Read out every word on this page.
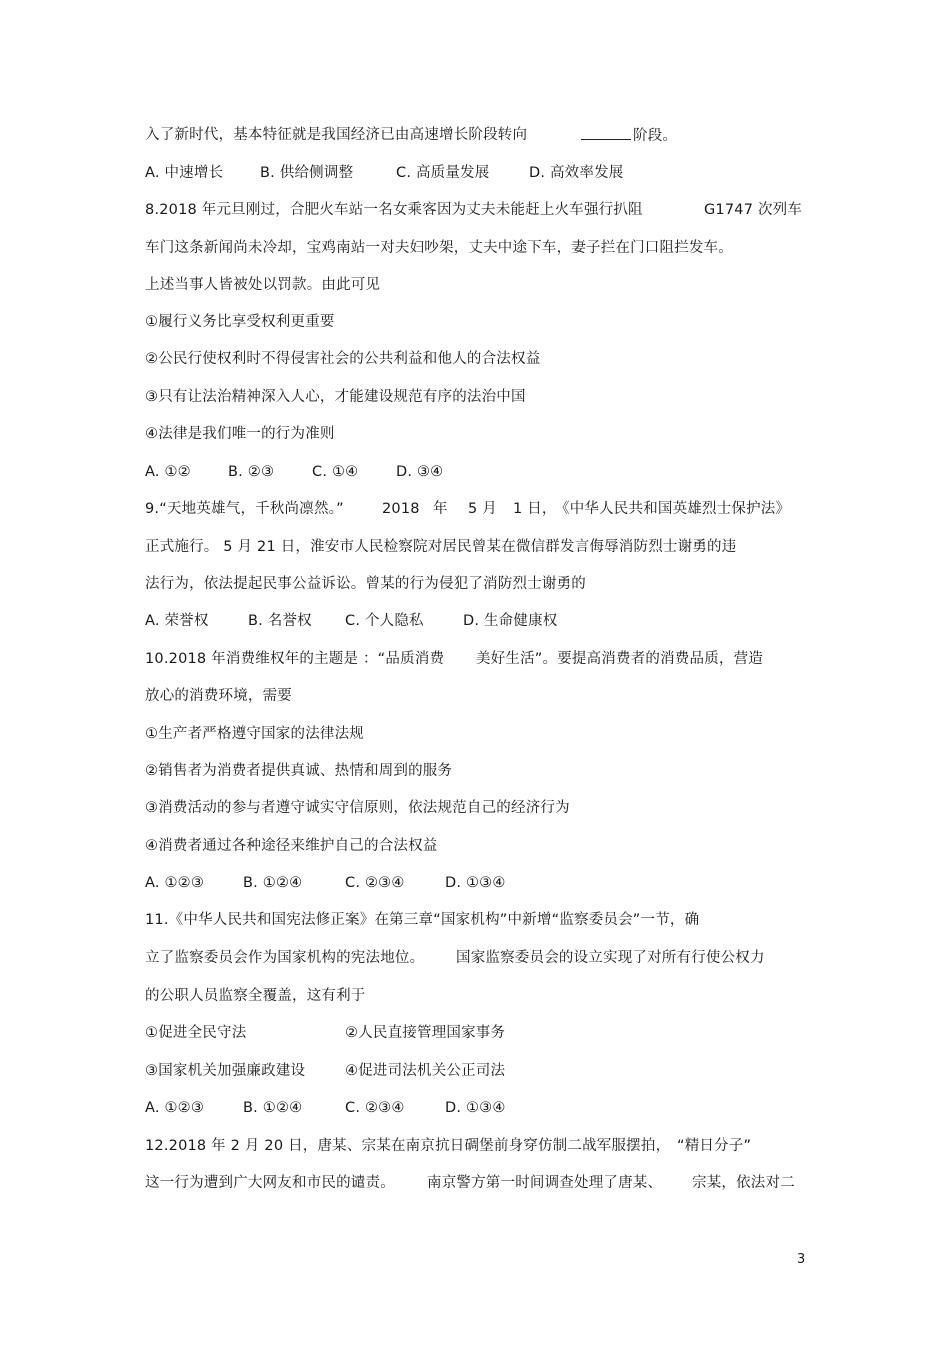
入了新时代，基本特征就是我国经济已由高速增长阶段转向	阶段。
A. 中速增长	B. 供给侧调整	C. 高质量发展	D. 高效率发展
8.2018 年元旦刚过，合肥火车站一名女乘客因为丈夫未能赶上火车强行扒阻	G1747 次列车
车门这条新闻尚未冷却，宝鸡南站一对夫妇吵架，丈夫中途下车，妻子拦在门口阻拦发车。
上述当事人皆被处以罚款。由此可见
①履行义务比享受权利更重要
②公民行使权利时不得侵害社会的公共利益和他人的合法权益
③只有让法治精神深入人心，才能建设规范有序的法治中国
④法律是我们唯一的行为准则
A. ①②	B. ②③	C. ①④	D. ③④
9.“天地英雄气，千秋尚凛然。”	2018 年 5 月 1 日，
《中华人民共和国英雄烈士保护法》
正式施行。 5 月 21 日，淮安市人民检察院对居民曾某在微信群发言侮辱消防烈士谢勇的违
法行为，依法提起民事公益诉讼。曾某的行为侵犯了消防烈士谢勇的
A. 荣誉权	B. 名誉权 C. 个人隐私	D. 生命健康权
10.2018 年消费维权年的主题是 ：“品质消费 美好生活”。要提高消费者的消费品质，营造
放心的消费环境，需要
①生产者严格遵守国家的法律法规
②销售者为消费者提供真诚、热情和周到的服务
③消费活动的参与者遵守诚实守信原则，依法规范自己的经济行为
④消费者通过各种途径来维护自己的合法权益
A. ①②③	B. ①②④	C. ②③④	D. ①③④
11.《中华人民共和国宪法修正案》在第三章“国家机构”中新增“监察委员会”一节，确
立了监察委员会作为国家机构的宪法地位。 国家监察委员会的设立实现了对所有行使公权力
的公职人员监察全覆盖，这有利于
①促进全民守法	②人民直接管理国家事务
③国家机关加强廉政建设	④促进司法机关公正司法
A. ①②③	B. ①②④	C. ②③④	D. ①③④
12.2018 年 2 月 20 日，唐某、宗某在南京抗日碉堡前身穿仿制二战军服摆拍， “精日分子”
这一行为遭到广大网友和市民的谴责。 南京警方第一时间调查处理了唐某、 宗某，依法对二
3
